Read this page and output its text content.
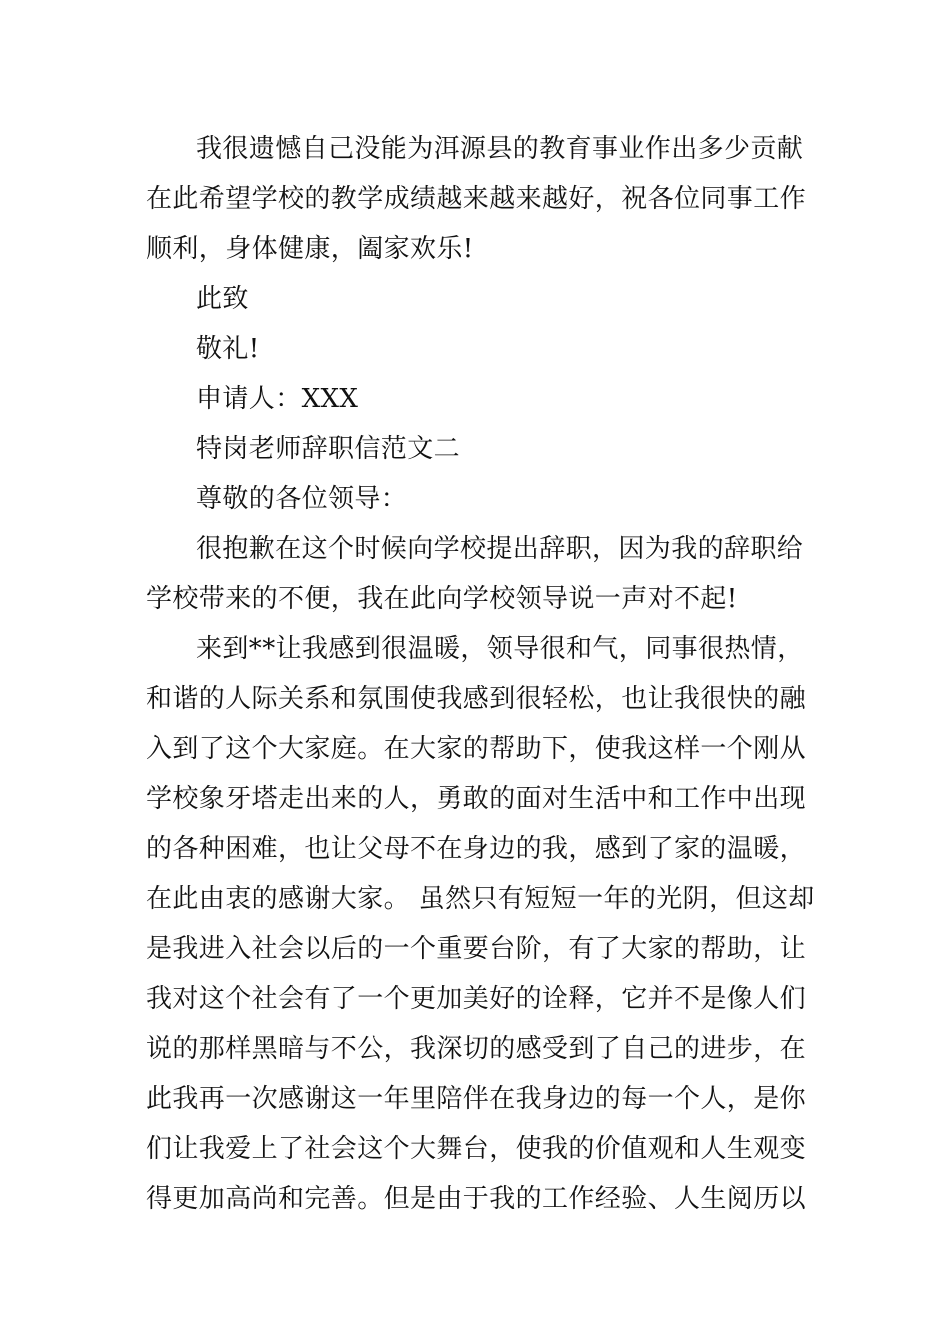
我很遗憾自己没能为洱源县的教育事业作出多少贡献
在此希望学校的教学成绩越来越来越好，祝各位同事工作
顺利，身体健康，阖家欢乐!
此致
敬礼!
申请人：XXX
特岗老师辞职信范文二
尊敬的各位领导：
很抱歉在这个时候向学校提出辞职，因为我的辞职给
学校带来的不便，我在此向学校领导说一声对不起!
来到**让我感到很温暖，领导很和气，同事很热情，
和谐的人际关系和氛围使我感到很轻松，也让我很快的融
入到了这个大家庭。在大家的帮助下，使我这样一个刚从
学校象牙塔走出来的人，勇敢的面对生活中和工作中出现
的各种困难，也让父母不在身边的我，感到了家的温暖，
在此由衷的感谢大家。 虽然只有短短一年的光阴，但这却
是我进入社会以后的一个重要台阶，有了大家的帮助，让
我对这个社会有了一个更加美好的诠释，它并不是像人们
说的那样黑暗与不公，我深切的感受到了自己的进步，在
此我再一次感谢这一年里陪伴在我身边的每一个人，是你
们让我爱上了社会这个大舞台，使我的价值观和人生观变
得更加高尚和完善。但是由于我的工作经验、人生阅历以
